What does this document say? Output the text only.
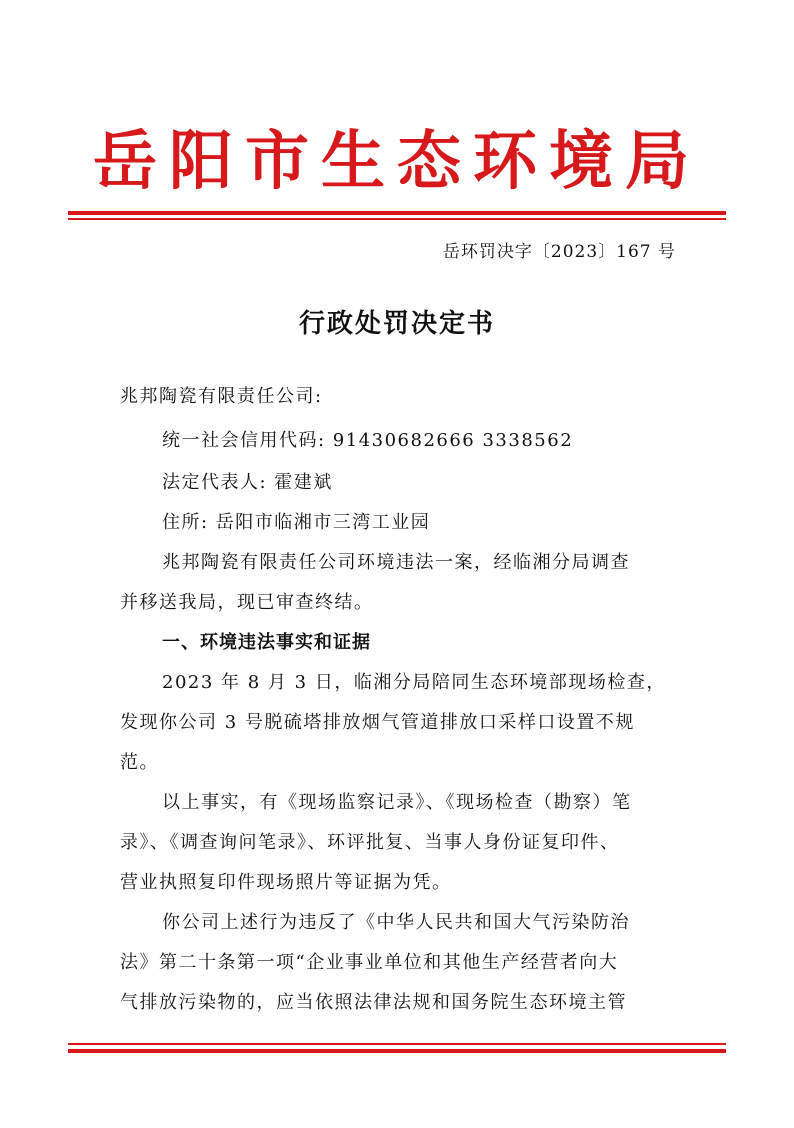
岳阳市生态环境局
岳环罚决字〔2023〕167 号
行政处罚决定书
兆邦陶瓷有限责任公司:
统一社会信用代码: 91430682666 3338562
法定代表人: 霍建斌
住所: 岳阳市临湘市三湾工业园
兆邦陶瓷有限责任公司环境违法一案，经临湘分局调查
并移送我局，现已审查终结。
一、环境违法事实和证据
2023 年 8 月 3 日，临湘分局陪同生态环境部现场检查，
发现你公司 3 号脱硫塔排放烟气管道排放口采样口设置不规
范。
以上事实，有《现场监察记录》、《现场检查（勘察）笔
录》、《调查询问笔录》、环评批复、当事人身份证复印件、
营业执照复印件现场照片等证据为凭。
你公司上述行为违反了《中华人民共和国大气污染防治
法》第二十条第一项“企业事业单位和其他生产经营者向大
气排放污染物的，应当依照法律法规和国务院生态环境主管
